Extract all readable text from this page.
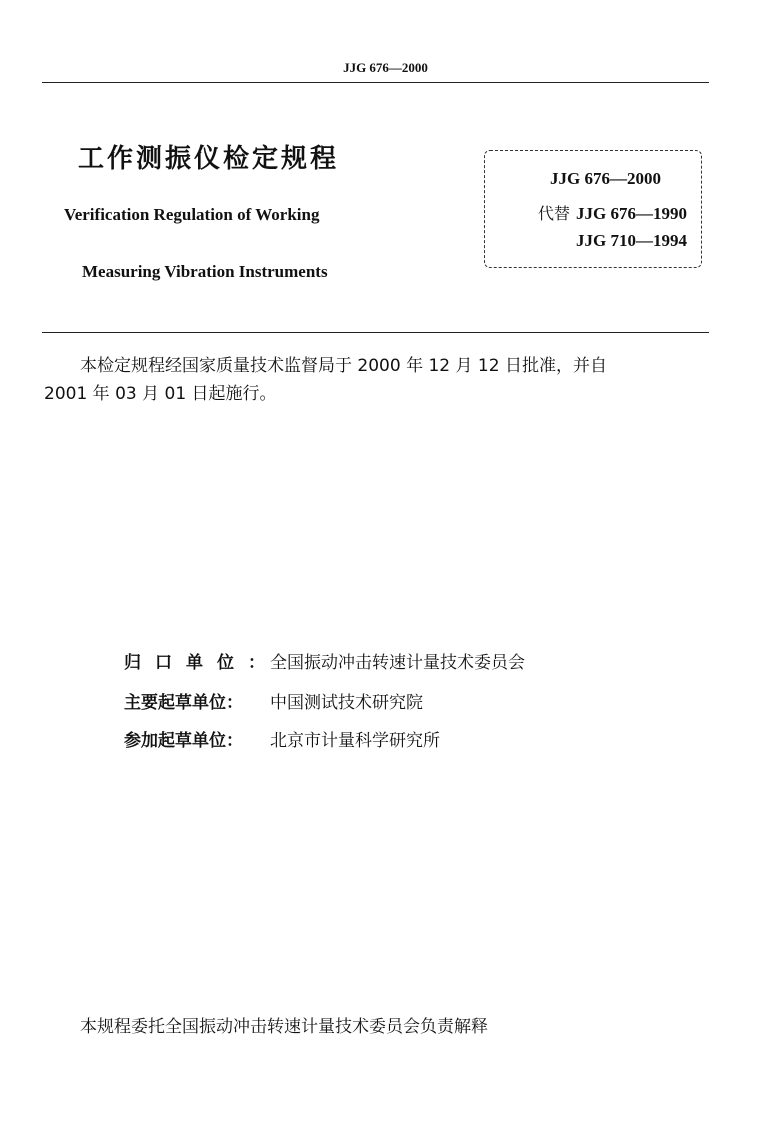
JJG 676—2000
工作测振仪检定规程
Verification Regulation of Working
Measuring Vibration Instruments
JJG 676—2000
代替 JJG 676—1990
JJG 710—1994
本检定规程经国家质量技术监督局于 2000 年 12 月 12 日批准，并自
2001 年 03 月 01 日起施行。
归口单位：全国振动冲击转速计量技术委员会
主要起草单位： 中国测试技术研究院
参加起草单位： 北京市计量科学研究所
本规程委托全国振动冲击转速计量技术委员会负责解释
